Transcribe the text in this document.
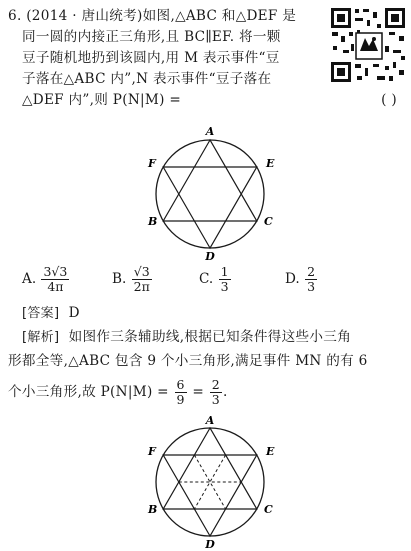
6. (2014 · 唐山统考)如图,△ABC 和△DEF 是
同一圆的内接正三角形,且 BC∥EF. 将一颗
豆子随机地扔到该圆内,用 M 表示事件“豆
子落在△ABC 内”,N 表示事件“豆子落在
△DEF 内”,则 P(N|M) =	( )
A
E
F
B	C
D
A. $\frac{3√3}{4\pi}$	B. $\frac{√3}{2\pi}$	C. $\frac{1}{3}$	D. $\frac{2}{3}$
[答案] D
[解析] 如图作三条辅助线,根据已知条件得这些小三角
形都全等,△ABC 包含 9 个小三角形,满足事件 MN 的有 6
个小三角形,故 $P(N|M) = \frac{6}{9} = \frac{2}{3}$ .
A
E
F
B	C
D
